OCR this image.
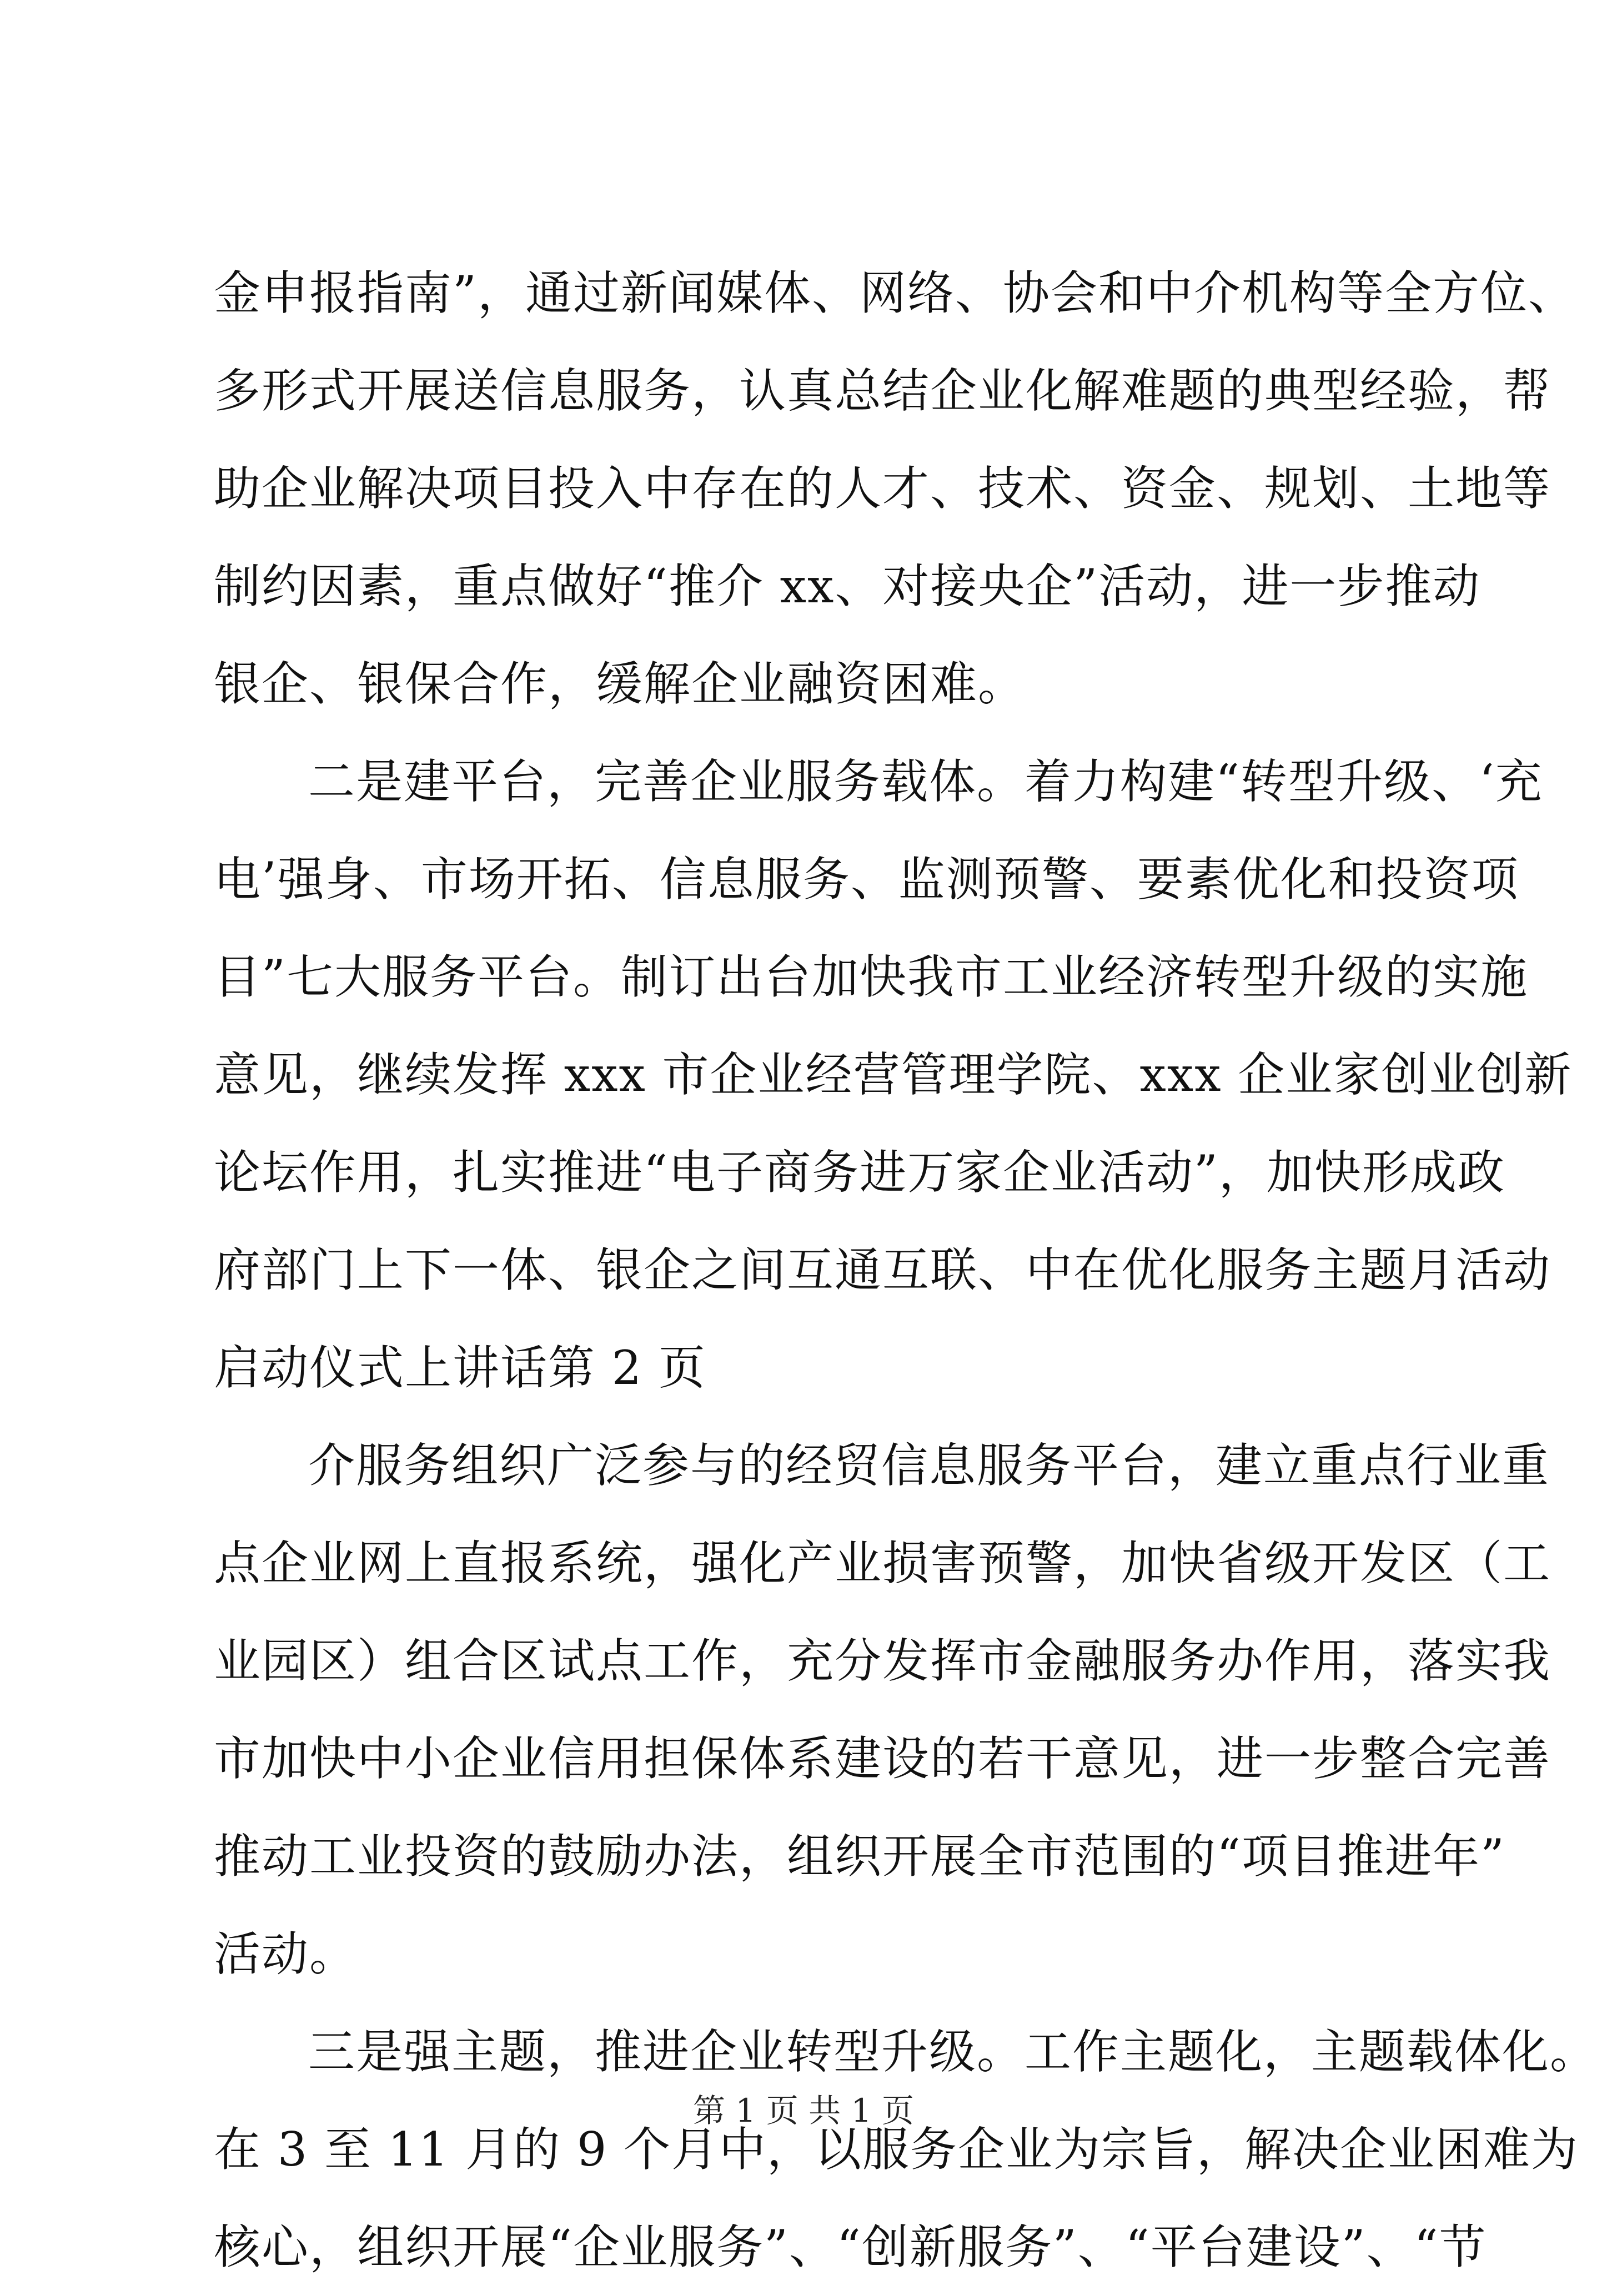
金申报指南”，通过新闻媒体、网络、协会和中介机构等全方位、
多形式开展送信息服务，认真总结企业化解难题的典型经验，帮
助企业解决项目投入中存在的人才、技术、资金、规划、土地等
制约因素，重点做好“推介 xx、对接央企”活动，进一步推动
银企、银保合作，缓解企业融资困难。
二是建平台，完善企业服务载体。着力构建“转型升级、‘充
电’强身、市场开拓、信息服务、监测预警、要素优化和投资项
目”七大服务平台。制订出台加快我市工业经济转型升级的实施
意见，继续发挥 xxx 市企业经营管理学院、xxx 企业家创业创新
论坛作用，扎实推进“电子商务进万家企业活动”，加快形成政
府部门上下一体、银企之间互通互联、中在优化服务主题月活动
启动仪式上讲话第 2 页
介服务组织广泛参与的经贸信息服务平台，建立重点行业重
点企业网上直报系统，强化产业损害预警，加快省级开发区（工
业园区）组合区试点工作，充分发挥市金融服务办作用，落实我
市加快中小企业信用担保体系建设的若干意见，进一步整合完善
推动工业投资的鼓励办法，组织开展全市范围的“项目推进年”
活动。
三是强主题，推进企业转型升级。工作主题化，主题载体化。
在 3 至 11 月的 9 个月中，以服务企业为宗旨，解决企业困难为
核心，组织开展“企业服务”、“创新服务”、“平台建设”、“节
第 1 页 共 1 页
